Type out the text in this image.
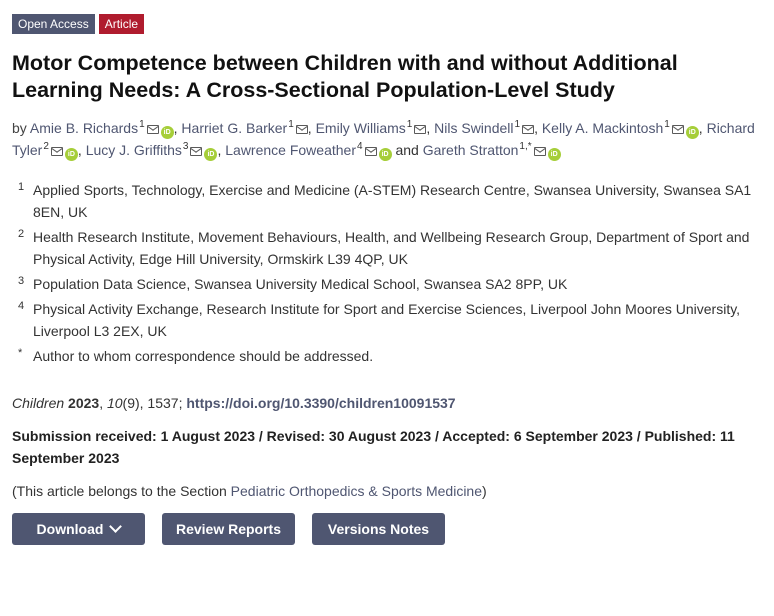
Open Access	Article
Motor Competence between Children with and without Additional Learning Needs: A Cross-Sectional Population-Level Study
by Amie B. Richards$^1$iD , Harriet G. Barker$^1$ , Emily Williams$^1$ , Nils Swindell$^1$ , Kelly A. Mackintosh$^1$iD , Richard Tyler$^2$iD , Lucy J. Griffiths$^3$iD , Lawrence Foweather$^4$iD and Gareth Stratton$^{1,*}$iD
1 Applied Sports, Technology, Exercise and Medicine (A-STEM) Research Centre, Swansea University, Swansea SA1 8EN, UK
2 Health Research Institute, Movement Behaviours, Health, and Wellbeing Research Group, Department of Sport and Physical Activity, Edge Hill University, Ormskirk L39 4QP, UK
3 Population Data Science, Swansea University Medical School, Swansea SA2 8PP, UK
4 Physical Activity Exchange, Research Institute for Sport and Exercise Sciences, Liverpool John Moores University, Liverpool L3 2EX, UK
* Author to whom correspondence should be addressed.
Children 2023, 10(9), 1537; https://doi.org/10.3390/children10091537
Submission received: 1 August 2023 / Revised: 30 August 2023 / Accepted: 6 September 2023 / Published: 11 September 2023
(This article belongs to the Section Pediatric Orthopedics & Sports Medicine)
Download	Review Reports	Versions Notes
